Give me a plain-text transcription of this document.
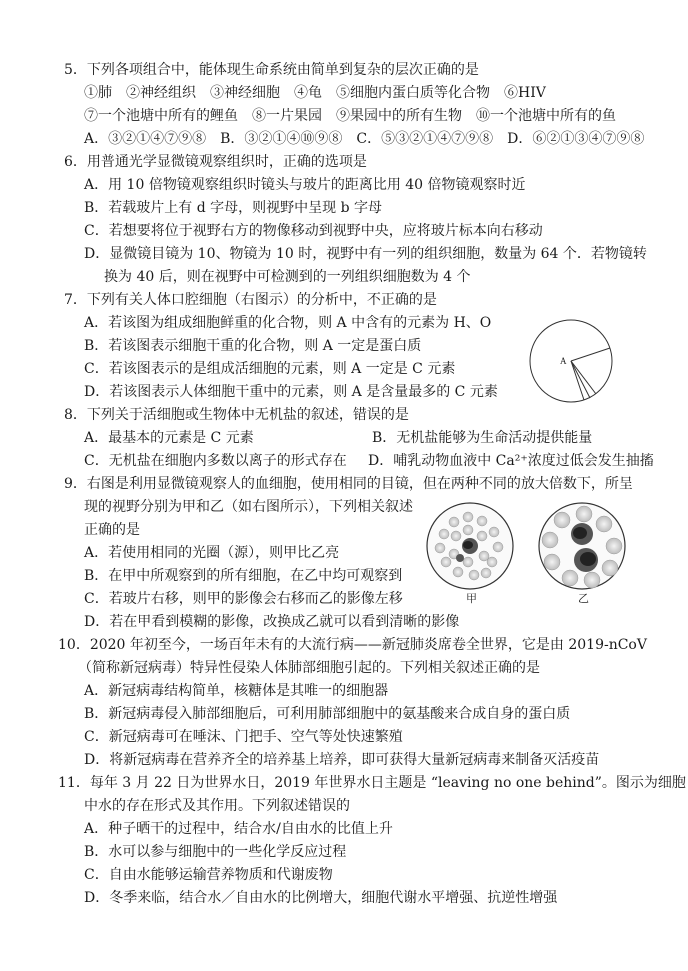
5．下列各项组合中，能体现生命系统由简单到复杂的层次正确的是
①肺　②神经组织　③神经细胞　④龟　⑤细胞内蛋白质等化合物　⑥HIV
⑦一个池塘中所有的鲤鱼　⑧一片果园　⑨果园中的所有生物　⑩一个池塘中所有的鱼
A．③②①④⑦⑨⑧　B．③②①④⑩⑨⑧　C．⑤③②①④⑦⑨⑧　D．⑥②①③④⑦⑨⑧
6．用普通光学显微镜观察组织时，正确的选项是
A．用 10 倍物镜观察组织时镜头与玻片的距离比用 40 倍物镜观察时近
B．若载玻片上有 d 字母，则视野中呈现 b 字母
C．若想要将位于视野右方的物像移动到视野中央，应将玻片标本向右移动
D．显微镜目镜为 10、物镜为 10 时，视野中有一列的组织细胞，数量为 64 个．若物镜转
换为 40 后，则在视野中可检测到的一列组织细胞数为 4 个
7．下列有关人体口腔细胞（右图示）的分析中，不正确的是
A．若该图为组成细胞鲜重的化合物，则 A 中含有的元素为 H、O
B．若该图表示细胞干重的化合物，则 A 一定是蛋白质
C．若该图表示的是组成活细胞的元素，则 A 一定是 C 元素
D．若该图表示人体细胞干重中的元素，则 A 是含量最多的 C 元素
A
8．下列关于活细胞或生物体中无机盐的叙述，错误的是
A．最基本的元素是 C 元素	B．无机盐能够为生命活动提供能量
C．无机盐在细胞内多数以离子的形式存在 D．哺乳动物血液中 Ca²⁺浓度过低会发生抽搐
9．右图是利用显微镜观察人的血细胞，使用相同的目镜，但在两种不同的放大倍数下，所呈
现的视野分别为甲和乙（如右图所示），下列相关叙述
正确的是
A．若使用相同的光圈（源），则甲比乙亮
B．在甲中所观察到的所有细胞，在乙中均可观察到
C．若玻片右移，则甲的影像会右移而乙的影像左移
D．若在甲看到模糊的影像，改换成乙就可以看到清晰的影像
甲	乙
10．2020 年初至今，一场百年未有的大流行病——新冠肺炎席卷全世界，它是由 2019-nCoV
（简称新冠病毒）特异性侵染人体肺部细胞引起的。下列相关叙述正确的是
A．新冠病毒结构简单，核糖体是其唯一的细胞器
B．新冠病毒侵入肺部细胞后，可利用肺部细胞中的氨基酸来合成自身的蛋白质
C．新冠病毒可在唾沫、门把手、空气等处快速繁殖
D．将新冠病毒在营养齐全的培养基上培养，即可获得大量新冠病毒来制备灭活疫苗
11．每年 3 月 22 日为世界水日，2019 年世界水日主题是 “leaving no one behind”。图示为细胞
中水的存在形式及其作用。下列叙述错误的
A．种子晒干的过程中，结合水/自由水的比值上升
B．水可以参与细胞中的一些化学反应过程
C．自由水能够运输营养物质和代谢废物
D．冬季来临，结合水／自由水的比例增大，细胞代谢水平增强、抗逆性增强
